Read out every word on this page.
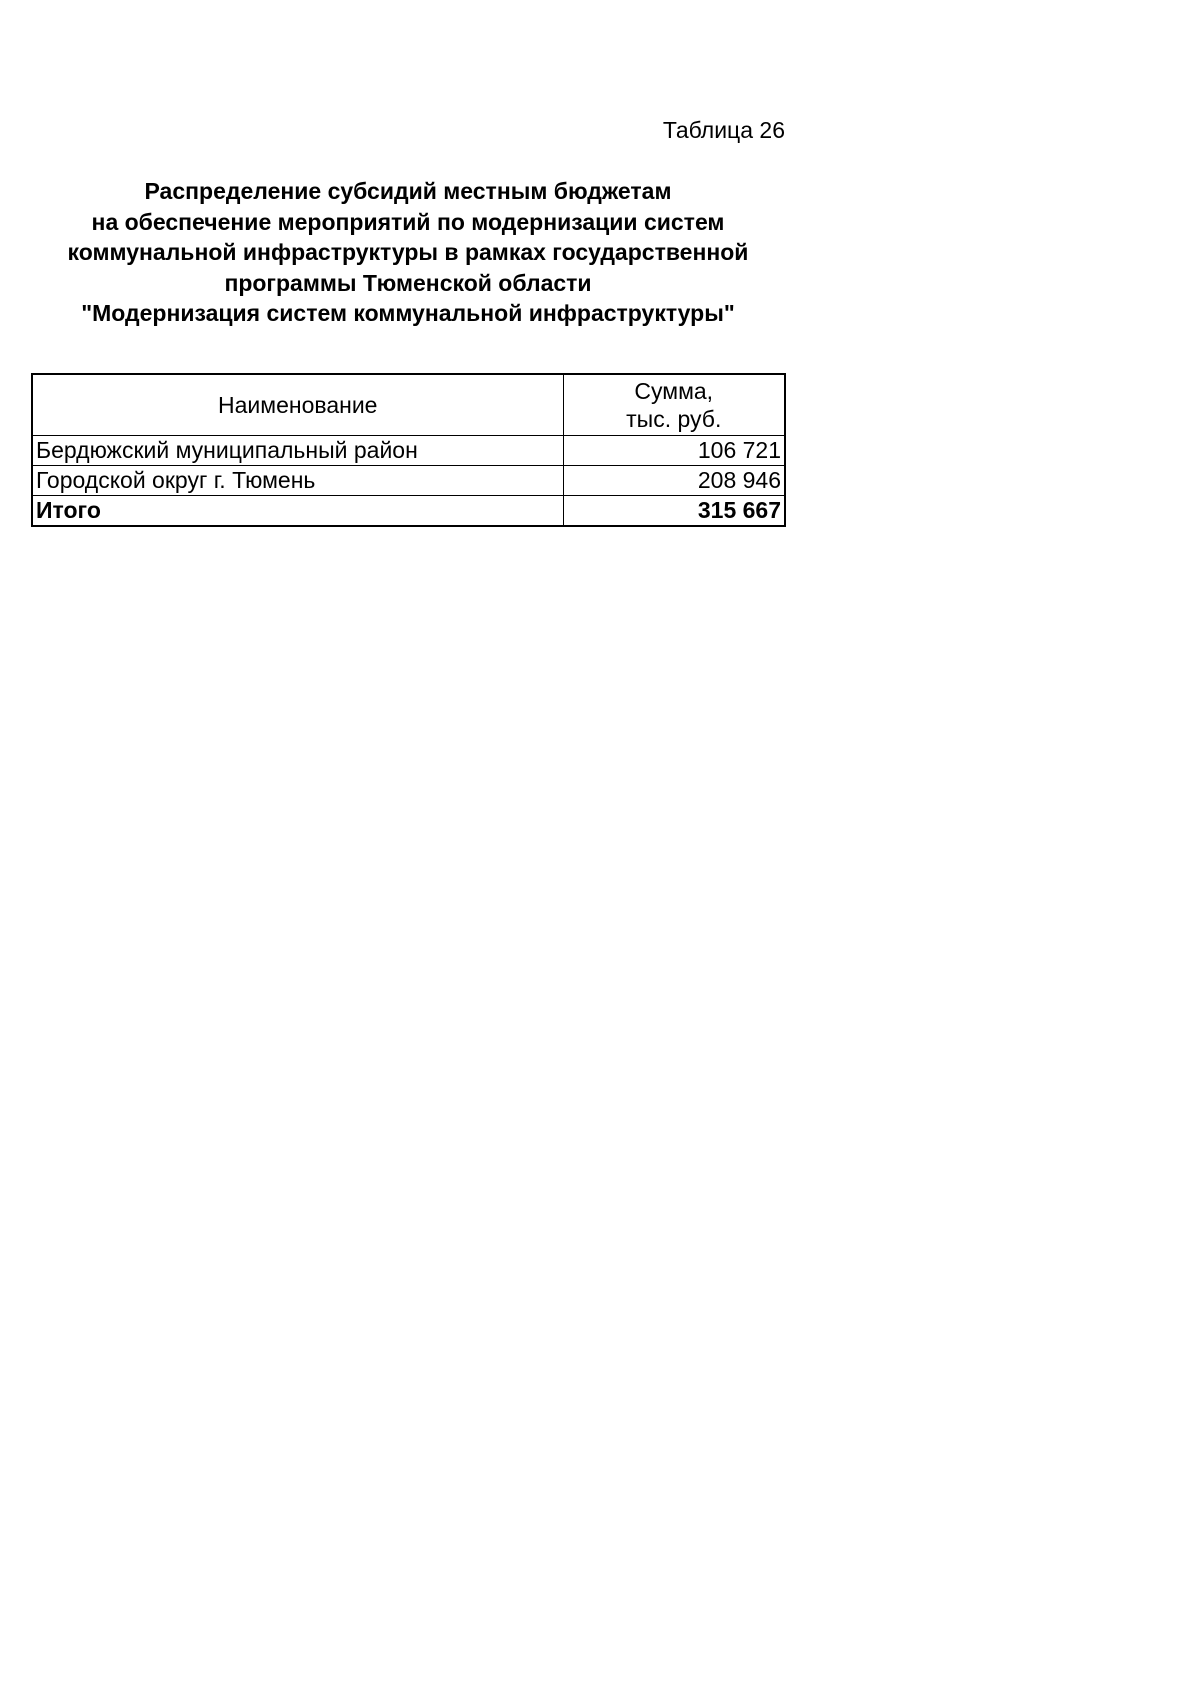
Таблица 26
Распределение субсидий местным бюджетам
на обеспечение мероприятий по модернизации систем
коммунальной инфраструктуры в рамках государственной
программы Тюменской области
"Модернизация систем коммунальной инфраструктуры"
Наименование	Сумма,
тыс. руб.

Бердюжский муниципальный район	106 721
Городской округ г. Тюмень	208 946
Итого	315 667
